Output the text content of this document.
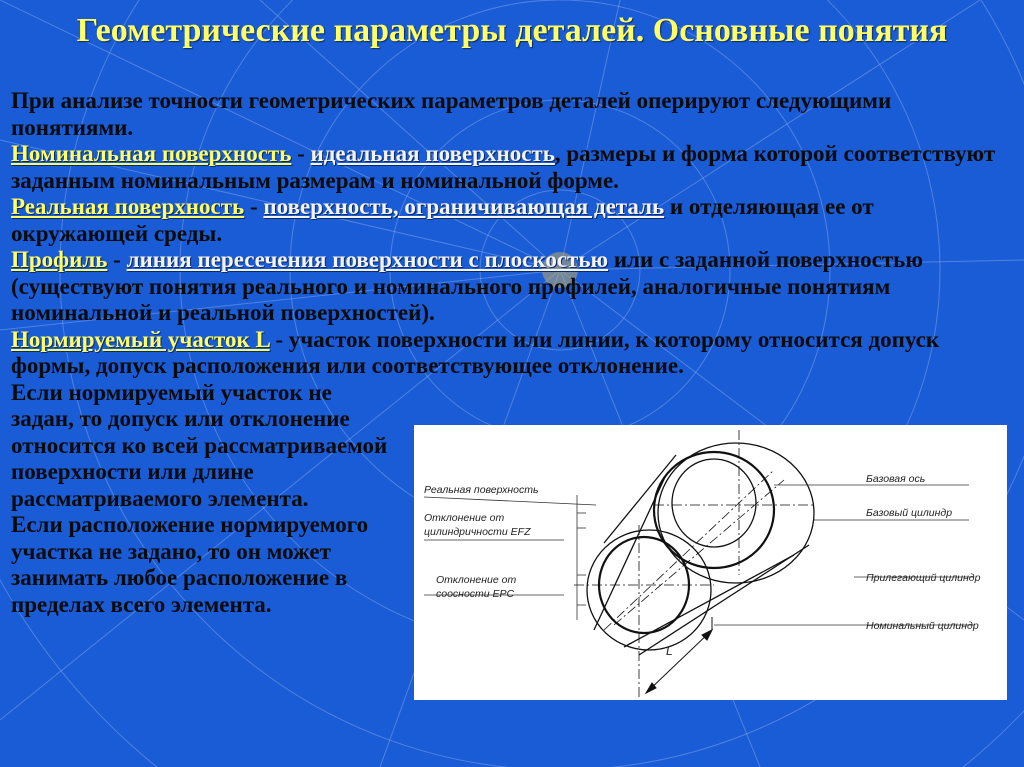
Геометрические параметры деталей. Основные понятия

При анализе точности геометрических параметров деталей оперируют следующими понятиями.

Номинальная поверхность - идеальная поверхность, размеры и форма которой соответствуют заданным номинальным размерам и номинальной форме.

Реальная поверхность - поверхность, ограничивающая деталь и отделяющая ее от окружающей среды.

Профиль - линия пересечения поверхности с плоскостью или с заданной поверхностью (существуют понятия реального и номинального профилей, аналогичные понятиям номинальной и реальной поверхностей).

Нормируемый участок L - участок поверхности или линии, к которому относится допуск формы, допуск расположения или соответствующее отклонение.

Если нормируемый участок не задан, то допуск или отклонение относится ко всей рассматриваемой поверхности или длине рассматриваемого элемента.

Если расположение нормируемого участка не задано, то он может занимать любое расположение в пределах всего элемента.

Реальная поверхность
Отклонение от
цилиндричности EFZ
Отклонение от
соосности EPC
Базовая ось
Базовый цилиндр
Прилегающий цилиндр
Номинальный цилиндр
L
